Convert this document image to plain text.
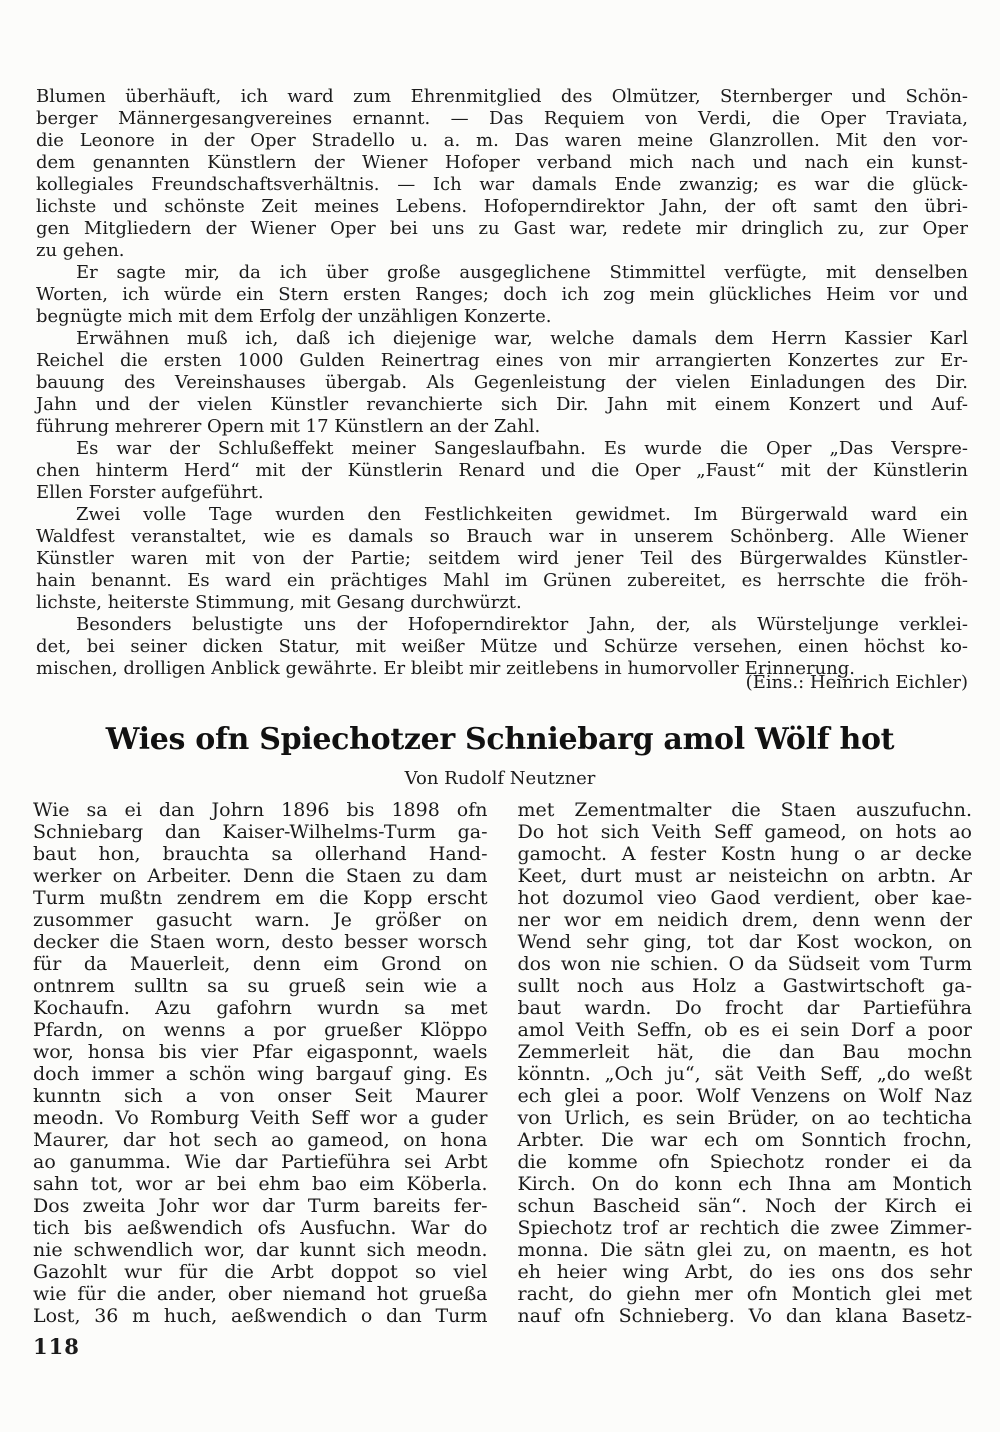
Blumen überhäuft, ich ward zum Ehrenmitglied des Olmützer, Sternberger und Schön-
berger Männergesangvereines ernannt. — Das Requiem von Verdi, die Oper Traviata,
die Leonore in der Oper Stradello u. a. m. Das waren meine Glanzrollen. Mit den vor-
dem genannten Künstlern der Wiener Hofoper verband mich nach und nach ein kunst-
kollegiales Freundschaftsverhältnis. — Ich war damals Ende zwanzig; es war die glück-
lichste und schönste Zeit meines Lebens. Hofoperndirektor Jahn, der oft samt den übri-
gen Mitgliedern der Wiener Oper bei uns zu Gast war, redete mir dringlich zu, zur Oper
zu gehen.
Er sagte mir, da ich über große ausgeglichene Stimmittel verfügte, mit denselben
Worten, ich würde ein Stern ersten Ranges; doch ich zog mein glückliches Heim vor und
begnügte mich mit dem Erfolg der unzähligen Konzerte.
Erwähnen muß ich, daß ich diejenige war, welche damals dem Herrn Kassier Karl
Reichel die ersten 1000 Gulden Reinertrag eines von mir arrangierten Konzertes zur Er-
bauung des Vereinshauses übergab. Als Gegenleistung der vielen Einladungen des Dir.
Jahn und der vielen Künstler revanchierte sich Dir. Jahn mit einem Konzert und Auf-
führung mehrerer Opern mit 17 Künstlern an der Zahl.
Es war der Schlußeffekt meiner Sangeslaufbahn. Es wurde die Oper „Das Verspre-
chen hinterm Herd“ mit der Künstlerin Renard und die Oper „Faust“ mit der Künstlerin
Ellen Forster aufgeführt.
Zwei volle Tage wurden den Festlichkeiten gewidmet. Im Bürgerwald ward ein
Waldfest veranstaltet, wie es damals so Brauch war in unserem Schönberg. Alle Wiener
Künstler waren mit von der Partie; seitdem wird jener Teil des Bürgerwaldes Künstler-
hain benannt. Es ward ein prächtiges Mahl im Grünen zubereitet, es herrschte die fröh-
lichste, heiterste Stimmung, mit Gesang durchwürzt.
Besonders belustigte uns der Hofoperndirektor Jahn, der, als Würsteljunge verklei-
det, bei seiner dicken Statur, mit weißer Mütze und Schürze versehen, einen höchst ko-
mischen, drolligen Anblick gewährte. Er bleibt mir zeitlebens in humorvoller Erinnerung.
(Eins.: Heinrich Eichler)
Wies ofn Spiechotzer Schniebarg amol Wölf hot
Von Rudolf Neutzner
Wie sa ei dan Johrn 1896 bis 1898 ofn
Schniebarg dan Kaiser-Wilhelms-Turm ga-
baut hon, brauchta sa ollerhand Hand-
werker on Arbeiter. Denn die Staen zu dam
Turm mußtn zendrem em die Kopp erscht
zusommer gasucht warn. Je größer on
decker die Staen worn, desto besser worsch
für da Mauerleit, denn eim Grond on
ontnrem sulltn sa su grueß sein wie a
Kochaufn. Azu gafohrn wurdn sa met
Pfardn, on wenns a por grueßer Klöppo
wor, honsa bis vier Pfar eigasponnt, waels
doch immer a schön wing bargauf ging. Es
kunntn sich a von onser Seit Maurer
meodn. Vo Romburg Veith Seff wor a guder
Maurer, dar hot sech ao gameod, on hona
ao ganumma. Wie dar Partieführa sei Arbt
sahn tot, wor ar bei ehm bao eim Köberla.
Dos zweita Johr wor dar Turm bareits fer-
tich bis aeßwendich ofs Ausfuchn. War do
nie schwendlich wor, dar kunnt sich meodn.
Gazohlt wur für die Arbt doppot so viel
wie für die ander, ober niemand hot grueßa
Lost, 36 m huch, aeßwendich o dan Turm
met Zementmalter die Staen auszufuchn.
Do hot sich Veith Seff gameod, on hots ao
gamocht. A fester Kostn hung o ar decke
Keet, durt must ar neisteichn on arbtn. Ar
hot dozumol vieo Gaod verdient, ober kae-
ner wor em neidich drem, denn wenn der
Wend sehr ging, tot dar Kost wockon, on
dos won nie schien. O da Südseit vom Turm
sullt noch aus Holz a Gastwirtschoft ga-
baut wardn. Do frocht dar Partieführa
amol Veith Seffn, ob es ei sein Dorf a poor
Zemmerleit hät, die dan Bau mochn
könntn. „Och ju“, sät Veith Seff, „do weßt
ech glei a poor. Wolf Venzens on Wolf Naz
von Urlich, es sein Brüder, on ao techticha
Arbter. Die war ech om Sonntich frochn,
die komme ofn Spiechotz ronder ei da
Kirch. On do konn ech Ihna am Montich
schun Bascheid sän“. Noch der Kirch ei
Spiechotz trof ar rechtich die zwee Zimmer-
monna. Die sätn glei zu, on maentn, es hot
eh heier wing Arbt, do ies ons dos sehr
racht, do giehn mer ofn Montich glei met
nauf ofn Schnieberg. Vo dan klana Basetz-
118
